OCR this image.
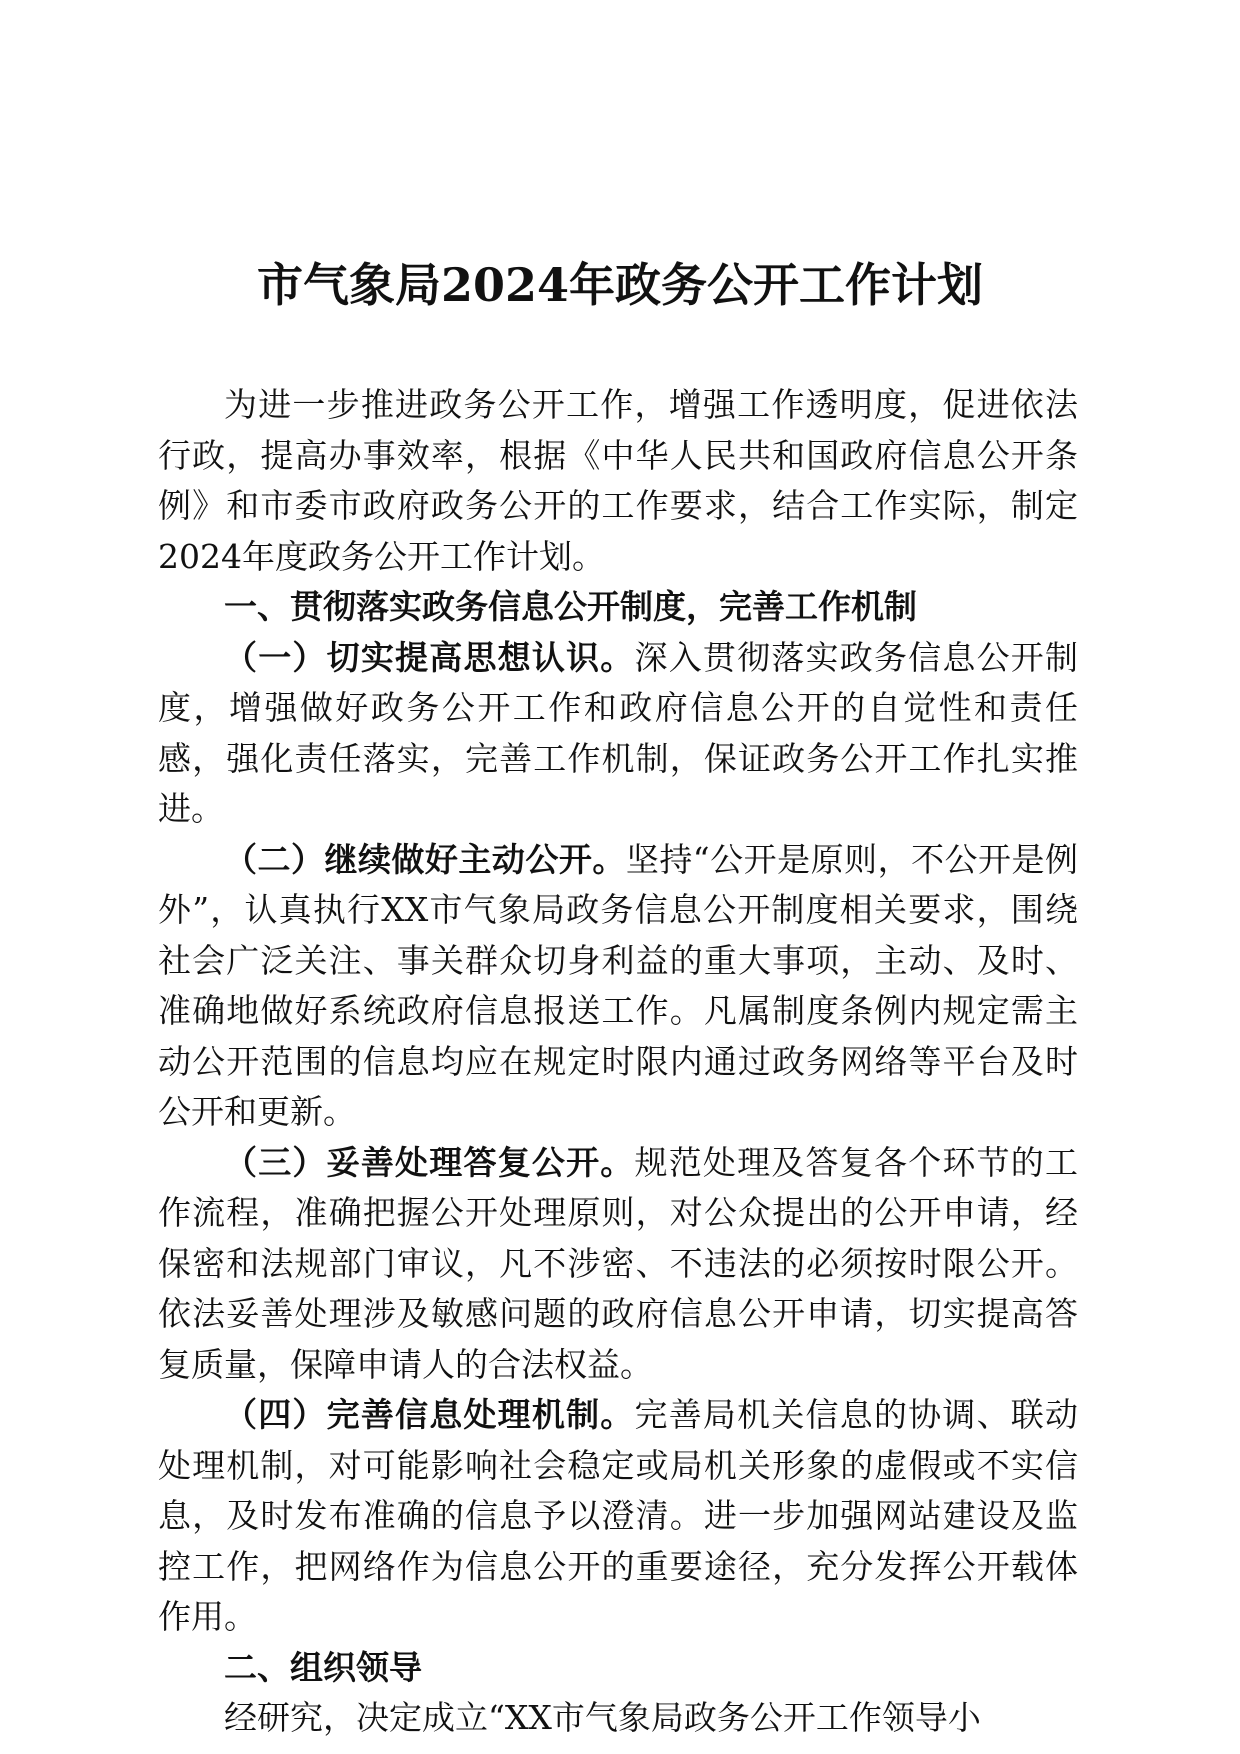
市气象局2024年政务公开工作计划

为进一步推进政务公开工作，增强工作透明度，促进依法行政，提高办事效率，根据《中华人民共和国政府信息公开条例》和市委市政府政务公开的工作要求，结合工作实际，制定2024年度政务公开工作计划。

一、贯彻落实政务信息公开制度，完善工作机制

（一）切实提高思想认识。深入贯彻落实政务信息公开制度，增强做好政务公开工作和政府信息公开的自觉性和责任感，强化责任落实，完善工作机制，保证政务公开工作扎实推进。

（二）继续做好主动公开。坚持“公开是原则，不公开是例外”，认真执行XX市气象局政务信息公开制度相关要求，围绕社会广泛关注、事关群众切身利益的重大事项，主动、及时、准确地做好系统政府信息报送工作。凡属制度条例内规定需主动公开范围的信息均应在规定时限内通过政务网络等平台及时公开和更新。

（三）妥善处理答复公开。规范处理及答复各个环节的工作流程，准确把握公开处理原则，对公众提出的公开申请，经保密和法规部门审议，凡不涉密、不违法的必须按时限公开。依法妥善处理涉及敏感问题的政府信息公开申请，切实提高答复质量，保障申请人的合法权益。

（四）完善信息处理机制。完善局机关信息的协调、联动处理机制，对可能影响社会稳定或局机关形象的虚假或不实信息，及时发布准确的信息予以澄清。进一步加强网站建设及监控工作，把网络作为信息公开的重要途径，充分发挥公开载体作用。

二、组织领导

经研究，决定成立“XX市气象局政务公开工作领导小
